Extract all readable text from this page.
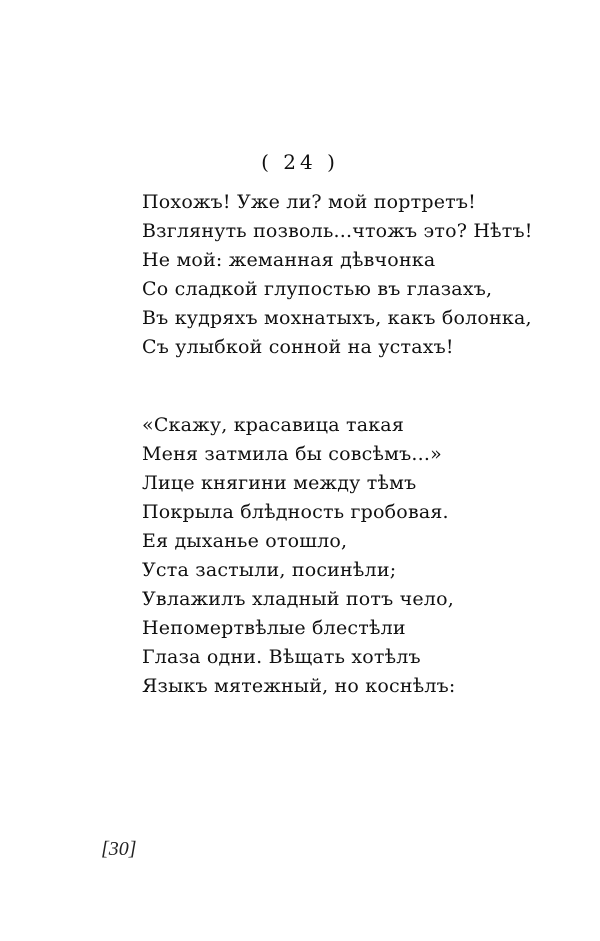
( 24 )
Похожъ! Уже ли? мой портретъ!
Взглянуть позволь...чтожъ это? Нѣтъ!
Не мой: жеманная дѣвчонка
Со сладкой глупостью въ глазахъ,
Въ кудряхъ мохнатыхъ, какъ болонка,
Съ улыбкой сонной на устахъ!
«Скажу, красавица такая
Меня затмила бы совсѣмъ...»
Лице княгини между тѣмъ
Покрыла блѣдность гробовая.
Ея дыханье отошло,
Уста застыли, посинѣли;
Увлажилъ хладный потъ чело,
Непомертвѣлые блестѣли
Глаза одни. Вѣщать хотѣлъ
Языкъ мятежный, но коснѣлъ:
[30]
